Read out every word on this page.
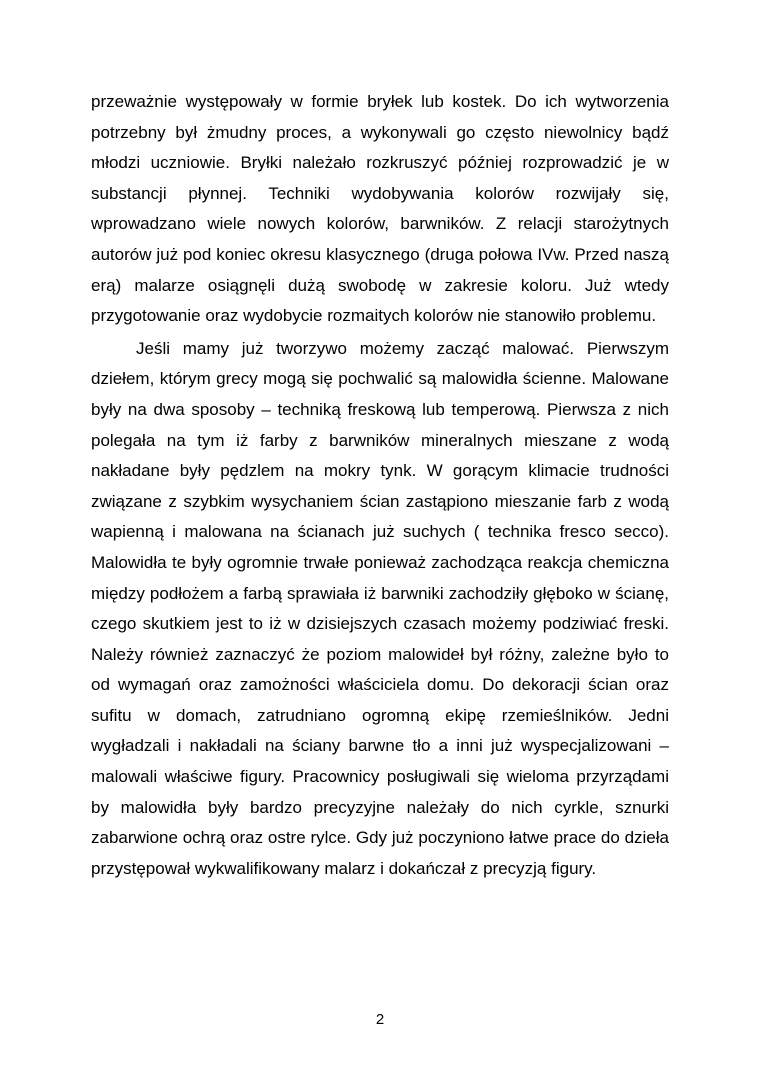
przeważnie występowały w formie bryłek lub kostek. Do ich wytworzenia potrzebny był żmudny proces, a wykonywali go często niewolnicy bądź młodzi uczniowie. Bryłki należało rozkruszyć później rozprowadzić je w substancji płynnej. Techniki wydobywania kolorów rozwijały się, wprowadzano wiele nowych kolorów, barwników. Z relacji starożytnych autorów już pod koniec okresu klasycznego (druga połowa IVw. Przed naszą erą) malarze osiągnęli dużą swobodę w zakresie koloru. Już wtedy przygotowanie oraz wydobycie rozmaitych kolorów nie stanowiło problemu.

Jeśli mamy już tworzywo możemy zacząć malować. Pierwszym dziełem, którym grecy mogą się pochwalić są malowidła ścienne. Malowane były na dwa sposoby – techniką freskową lub temperową. Pierwsza z nich polegała na tym iż farby z barwników mineralnych mieszane z wodą nakładane były pędzlem na mokry tynk. W gorącym klimacie trudności związane z szybkim wysychaniem ścian zastąpiono mieszanie farb z wodą wapienną i malowana na ścianach już suchych ( technika fresco secco). Malowidła te były ogromnie trwałe ponieważ zachodząca reakcja chemiczna między podłożem a farbą sprawiała iż barwniki zachodziły głęboko w ścianę, czego skutkiem jest to iż w dzisiejszych czasach możemy podziwiać freski. Należy również zaznaczyć że poziom malowideł był różny, zależne było to od wymagań oraz zamożności właściciela domu. Do dekoracji ścian oraz sufitu w domach, zatrudniano ogromną ekipę rzemieślników. Jedni wygładzali i nakładali na ściany barwne tło a inni już wyspecjalizowani – malowali właściwe figury. Pracownicy posługiwali się wieloma przyrządami by malowidła były bardzo precyzyjne należały do nich cyrkle, sznurki zabarwione ochrą oraz ostre rylce. Gdy już poczyniono łatwe prace do dzieła przystępował wykwalifikowany malarz i dokańczał z precyzją figury.

2
